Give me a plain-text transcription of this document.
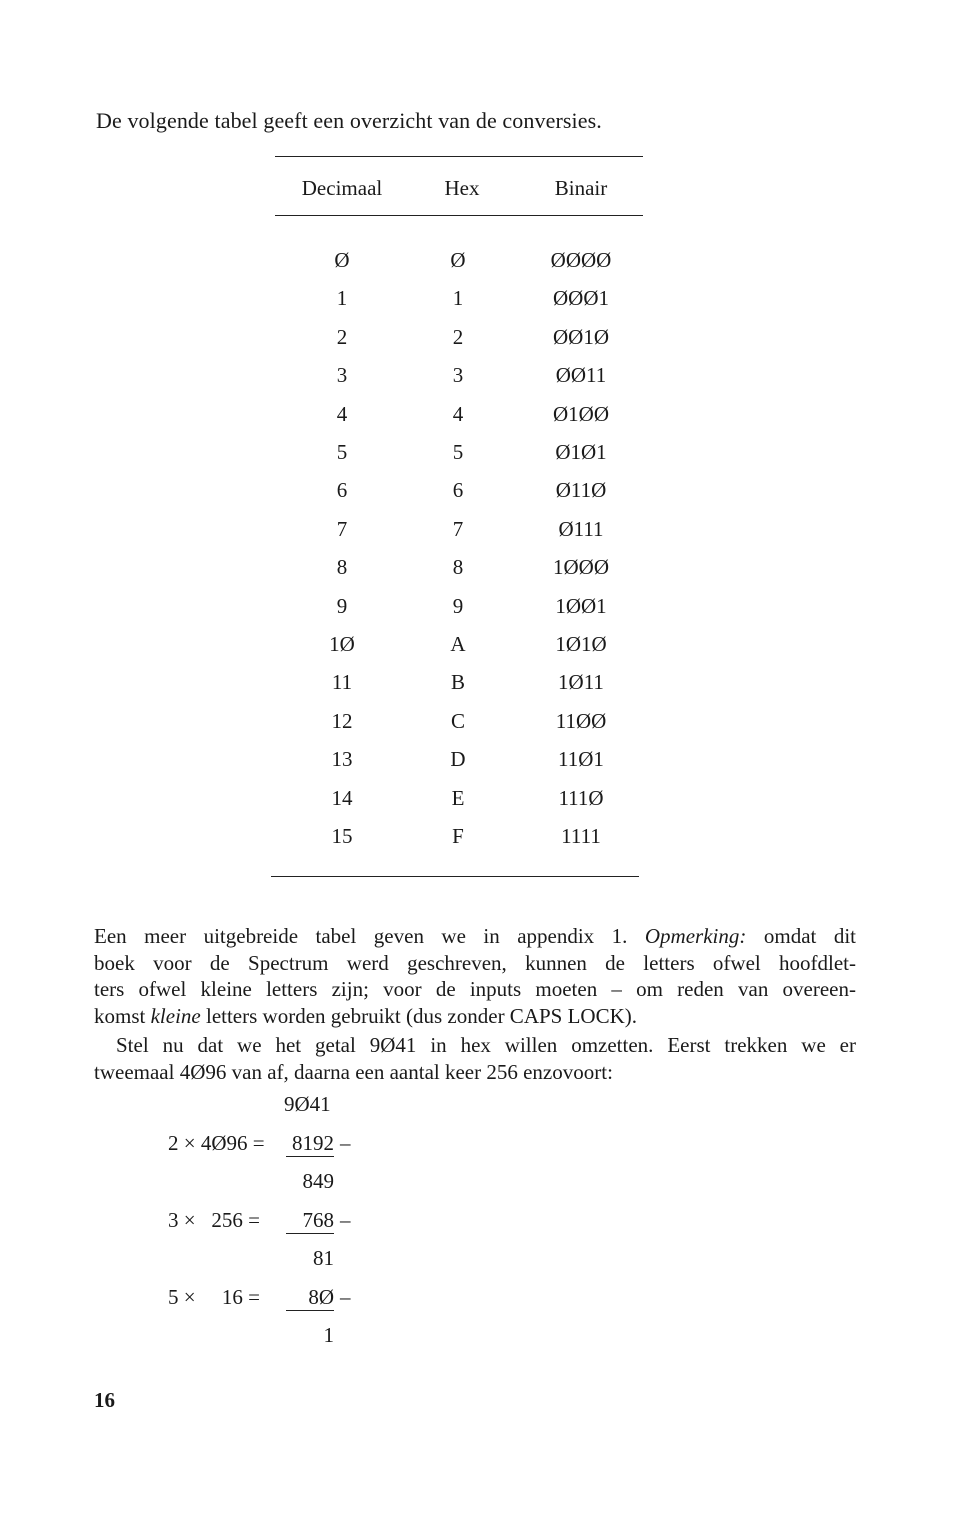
De volgende tabel geeft een overzicht van de conversies.
Decimaal	Hex	Binair
Ø	Ø	ØØØØ
1	1	ØØØ1
2	2	ØØ1Ø
3	3	ØØ11
4	4	Ø1ØØ
5	5	Ø1Ø1
6	6	Ø11Ø
7	7	Ø111
8	8	1ØØØ
9	9	1ØØ1
1Ø	A	1Ø1Ø
11	B	1Ø11
12	C	11ØØ
13	D	11Ø1
14	E	111Ø
15	F	1111
Een meer uitgebreide tabel geven we in appendix 1. Opmerking: omdat dit
boek voor de Spectrum werd geschreven, kunnen de letters ofwel hoofdlet-
ters ofwel kleine letters zijn; voor de inputs moeten – om reden van overeen-
komst kleine letters worden gebruikt (dus zonder CAPS LOCK).
Stel nu dat we het getal 9Ø41 in hex willen omzetten. Eerst trekken we er
tweemaal 4Ø96 van af, daarna een aantal keer 256 enzovoort:
9Ø41
2 × 4Ø96 = 8192 –
849
3 ×   256 =	768 –
81
5 ×     16 =	8Ø –
1
16
